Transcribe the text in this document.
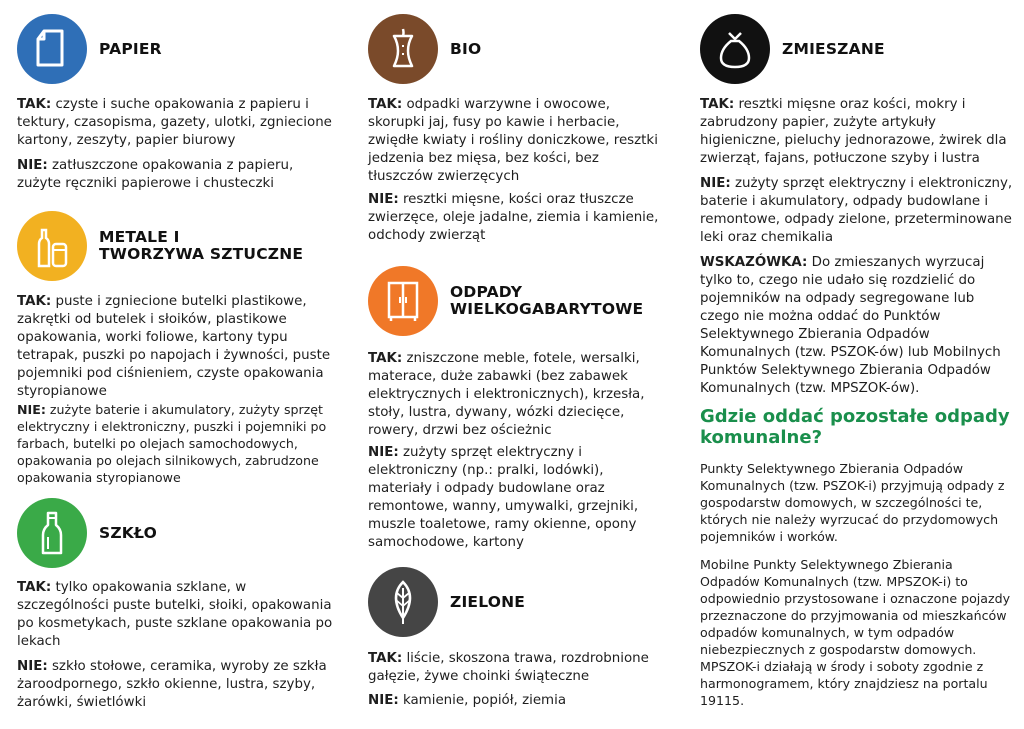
PAPIER

TAK: czyste i suche opakowania z papieru i tektury, czasopisma, gazety, ulotki, zgniecione kartony, zeszyty, papier biurowy

NIE: zatłuszczone opakowania z papieru, zużyte ręczniki papierowe i chusteczki

METALE I
TWORZYWA SZTUCZNE

TAK: puste i zgniecione butelki plastikowe, zakrętki od butelek i słoików, plastikowe opakowania, worki foliowe, kartony typu tetrapak, puszki po napojach i żywności, puste pojemniki pod ciśnieniem, czyste opakowania styropianowe

NIE: zużyte baterie i akumulatory, zużyty sprzęt elektryczny i elektroniczny, puszki i pojemniki po farbach, butelki po olejach samochodowych, opakowania po olejach silnikowych, zabrudzone opakowania styropianowe

SZKŁO

TAK: tylko opakowania szklane, w szczególności puste butelki, słoiki, opakowania po kosmetykach, puste szklane opakowania po lekach

NIE: szkło stołowe, ceramika, wyroby ze szkła żaroodpornego, szkło okienne, lustra, szyby, żarówki, świetlówki

BIO

TAK: odpadki warzywne i owocowe, skorupki jaj, fusy po kawie i herbacie, zwiędłe kwiaty i rośliny doniczkowe, resztki jedzenia bez mięsa, bez kości, bez tłuszczów zwierzęcych

NIE: resztki mięsne, kości oraz tłuszcze zwierzęce, oleje jadalne, ziemia i kamienie, odchody zwierząt

ODPADY
WIELKOGABARYTOWE

TAK: zniszczone meble, fotele, wersalki, materace, duże zabawki (bez zabawek elektrycznych i elektronicznych), krzesła, stoły, lustra, dywany, wózki dziecięce, rowery, drzwi bez ościeżnic

NIE: zużyty sprzęt elektryczny i elektroniczny (np.: pralki, lodówki), materiały i odpady budowlane oraz remontowe, wanny, umywalki, grzejniki, muszle toaletowe, ramy okienne, opony samochodowe, kartony

ZIELONE

TAK: liście, skoszona trawa, rozdrobnione gałęzie, żywe choinki świąteczne

NIE: kamienie, popiół, ziemia

ZMIESZANE

TAK: resztki mięsne oraz kości, mokry i zabrudzony papier, zużyte artykuły higieniczne, pieluchy jednorazowe, żwirek dla zwierząt, fajans, potłuczone szyby i lustra

NIE: zużyty sprzęt elektryczny i elektroniczny, baterie i akumulatory, odpady budowlane i remontowe, odpady zielone, przeterminowane leki oraz chemikalia

WSKAZÓWKA: Do zmieszanych wyrzucaj tylko to, czego nie udało się rozdzielić do pojemników na odpady segregowane lub czego nie można oddać do Punktów Selektywnego Zbierania Odpadów Komunalnych (tzw. PSZOK-ów) lub Mobilnych Punktów Selektywnego Zbierania Odpadów Komunalnych (tzw. MPSZOK-ów).

Gdzie oddać pozostałe odpady
komunalne?

Punkty Selektywnego Zbierania Odpadów Komunalnych (tzw. PSZOK-i) przyjmują odpady z gospodarstw domowych, w szczególności te, których nie należy wyrzucać do przydomowych pojemników i worków.

Mobilne Punkty Selektywnego Zbierania Odpadów Komunalnych (tzw. MPSZOK-i) to odpowiednio przystosowane i oznaczone pojazdy przeznaczone do przyjmowania od mieszkańców odpadów komunalnych, w tym odpadów niebezpiecznych z gospodarstw domowych. MPSZOK-i działają w środy i soboty zgodnie z harmonogramem, który znajdziesz na portalu 19115.
